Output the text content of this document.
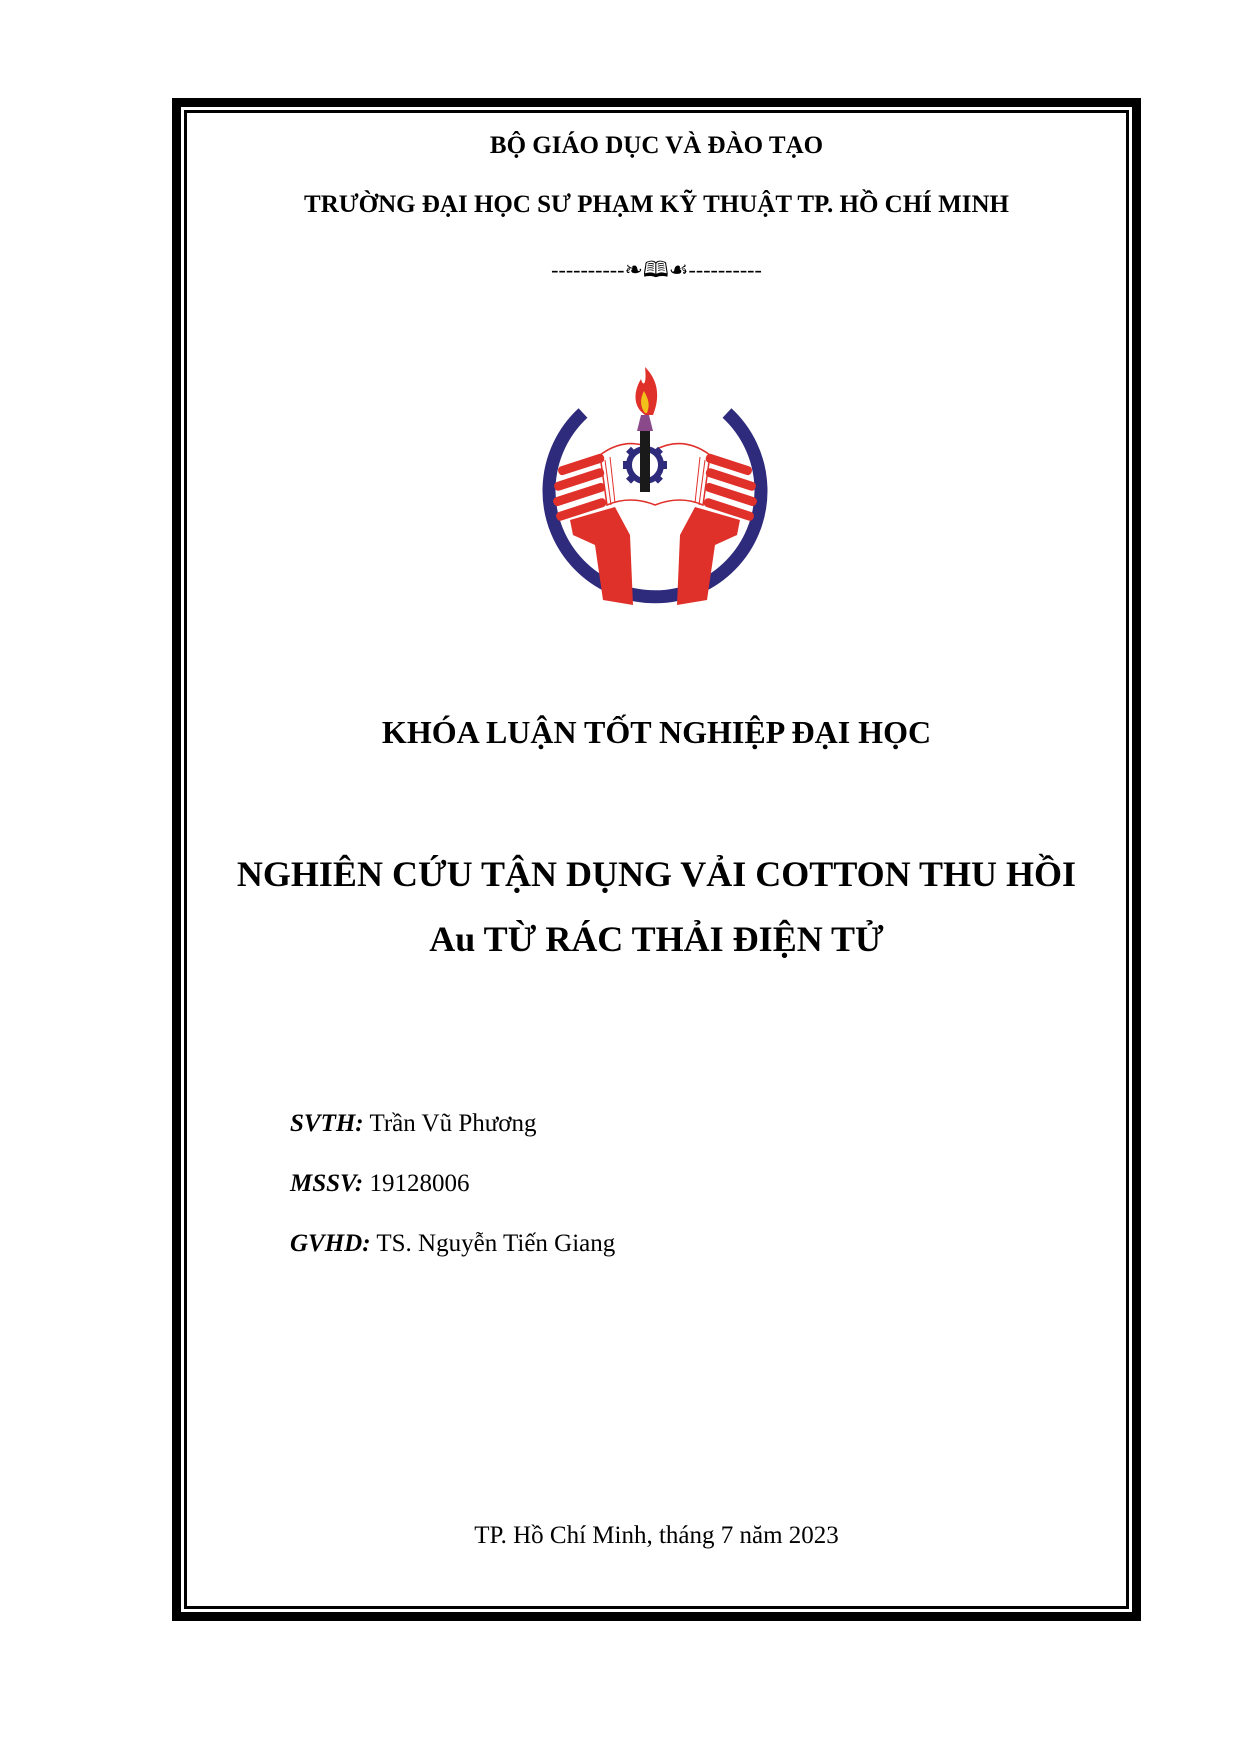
BỘ GIÁO DỤC VÀ ĐÀO TẠO
TRƯỜNG ĐẠI HỌC SƯ PHẠM KỸ THUẬT TP. HỒ CHÍ MINH
----------❧🕮☙----------
KHÓA LUẬN TỐT NGHIỆP ĐẠI HỌC
NGHIÊN CỨU TẬN DỤNG VẢI COTTON THU HỒI
Au TỪ RÁC THẢI ĐIỆN TỬ
SVTH: Trần Vũ Phương
MSSV: 19128006
GVHD: TS. Nguyễn Tiến Giang
TP. Hồ Chí Minh, tháng 7 năm 2023
